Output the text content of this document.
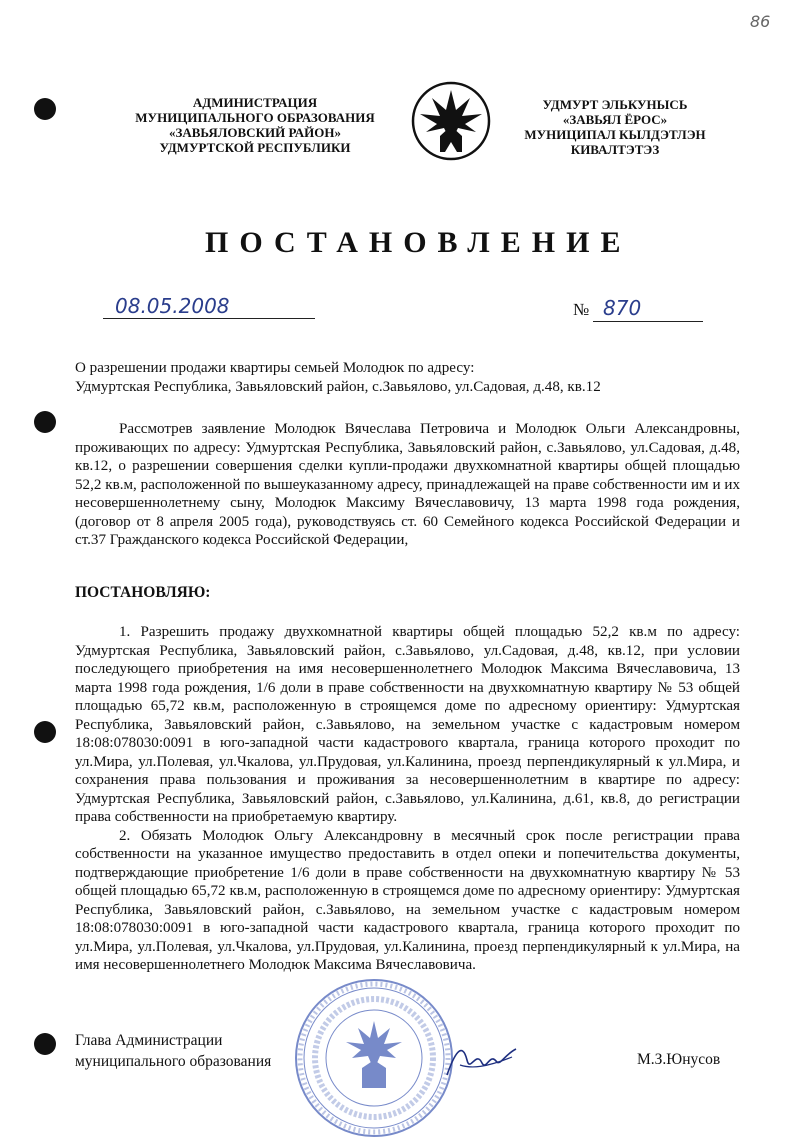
86
АДМИНИСТРАЦИЯ
МУНИЦИПАЛЬНОГО ОБРАЗОВАНИЯ
«ЗАВЬЯЛОВСКИЙ РАЙОН»
УДМУРТСКОЙ РЕСПУБЛИКИ
УДМУРТ ЭЛЬКУНЫСЬ
«ЗАВЬЯЛ ЁРОС»
МУНИЦИПАЛ КЫЛДЭТЛЭН
КИВАЛТЭТЭЗ
ПОСТАНОВЛЕНИЕ
08.05.2008	№ 870

О разрешении продажи квартиры семьей Молодюк по адресу:

Удмуртская Республика, Завьяловский район, с.Завьялово, ул.Садовая, д.48, кв.12

Рассмотрев заявление Молодюк Вячеслава Петровича и Молодюк Ольги Александровны, проживающих по адресу: Удмуртская Республика, Завьяловский район, с.Завьялово, ул.Садовая, д.48, кв.12, о разрешении совершения сделки купли-продажи двухкомнатной квартиры общей площадью 52,2 кв.м, расположенной по вышеуказанному адресу, принадлежащей на праве собственности им и их несовершеннолетнему сыну, Молодюк Максиму Вячеславовичу, 13 марта 1998 года рождения, (договор от 8 апреля 2005 года), руководствуясь ст. 60 Семейного кодекса Российской Федерации и ст.37 Гражданского кодекса Российской Федерации,

ПОСТАНОВЛЯЮ:

1. Разрешить продажу двухкомнатной квартиры общей площадью 52,2 кв.м по адресу: Удмуртская Республика, Завьяловский район, с.Завьялово, ул.Садовая, д.48, кв.12, при условии последующего приобретения на имя несовершеннолетнего Молодюк Максима Вячеславовича, 13 марта 1998 года рождения, 1/6 доли в праве собственности на двухкомнатную квартиру № 53 общей площадью 65,72 кв.м, расположенную в строящемся доме по адресному ориентиру: Удмуртская Республика, Завьяловский район, с.Завьялово, на земельном участке с кадастровым номером 18:08:078030:0091 в юго-западной части кадастрового квартала, граница которого проходит по ул.Мира, ул.Полевая, ул.Чкалова, ул.Прудовая, ул.Калинина, проезд перпендикулярный к ул.Мира, и сохранения права пользования и проживания за несовершеннолетним в квартире по адресу: Удмуртская Республика, Завьяловский район, с.Завьялово, ул.Калинина, д.61, кв.8, до регистрации права собственности на приобретаемую квартиру.

2. Обязать Молодюк Ольгу Александровну в месячный срок после регистрации права собственности на указанное имущество предоставить в отдел опеки и попечительства документы, подтверждающие приобретение 1/6 доли в праве собственности на двухкомнатную квартиру № 53 общей площадью 65,72 кв.м, расположенную в строящемся доме по адресному ориентиру: Удмуртская Республика, Завьяловский район, с.Завьялово, на земельном участке с кадастровым номером 18:08:078030:0091 в юго-западной части кадастрового квартала, граница которого проходит по ул.Мира, ул.Полевая, ул.Чкалова, ул.Прудовая, ул.Калинина, проезд перпендикулярный к ул.Мира, на имя несовершеннолетнего Молодюк Максима Вячеславовича.

Глава Администрации
муниципального образования	М.З.Юнусов
